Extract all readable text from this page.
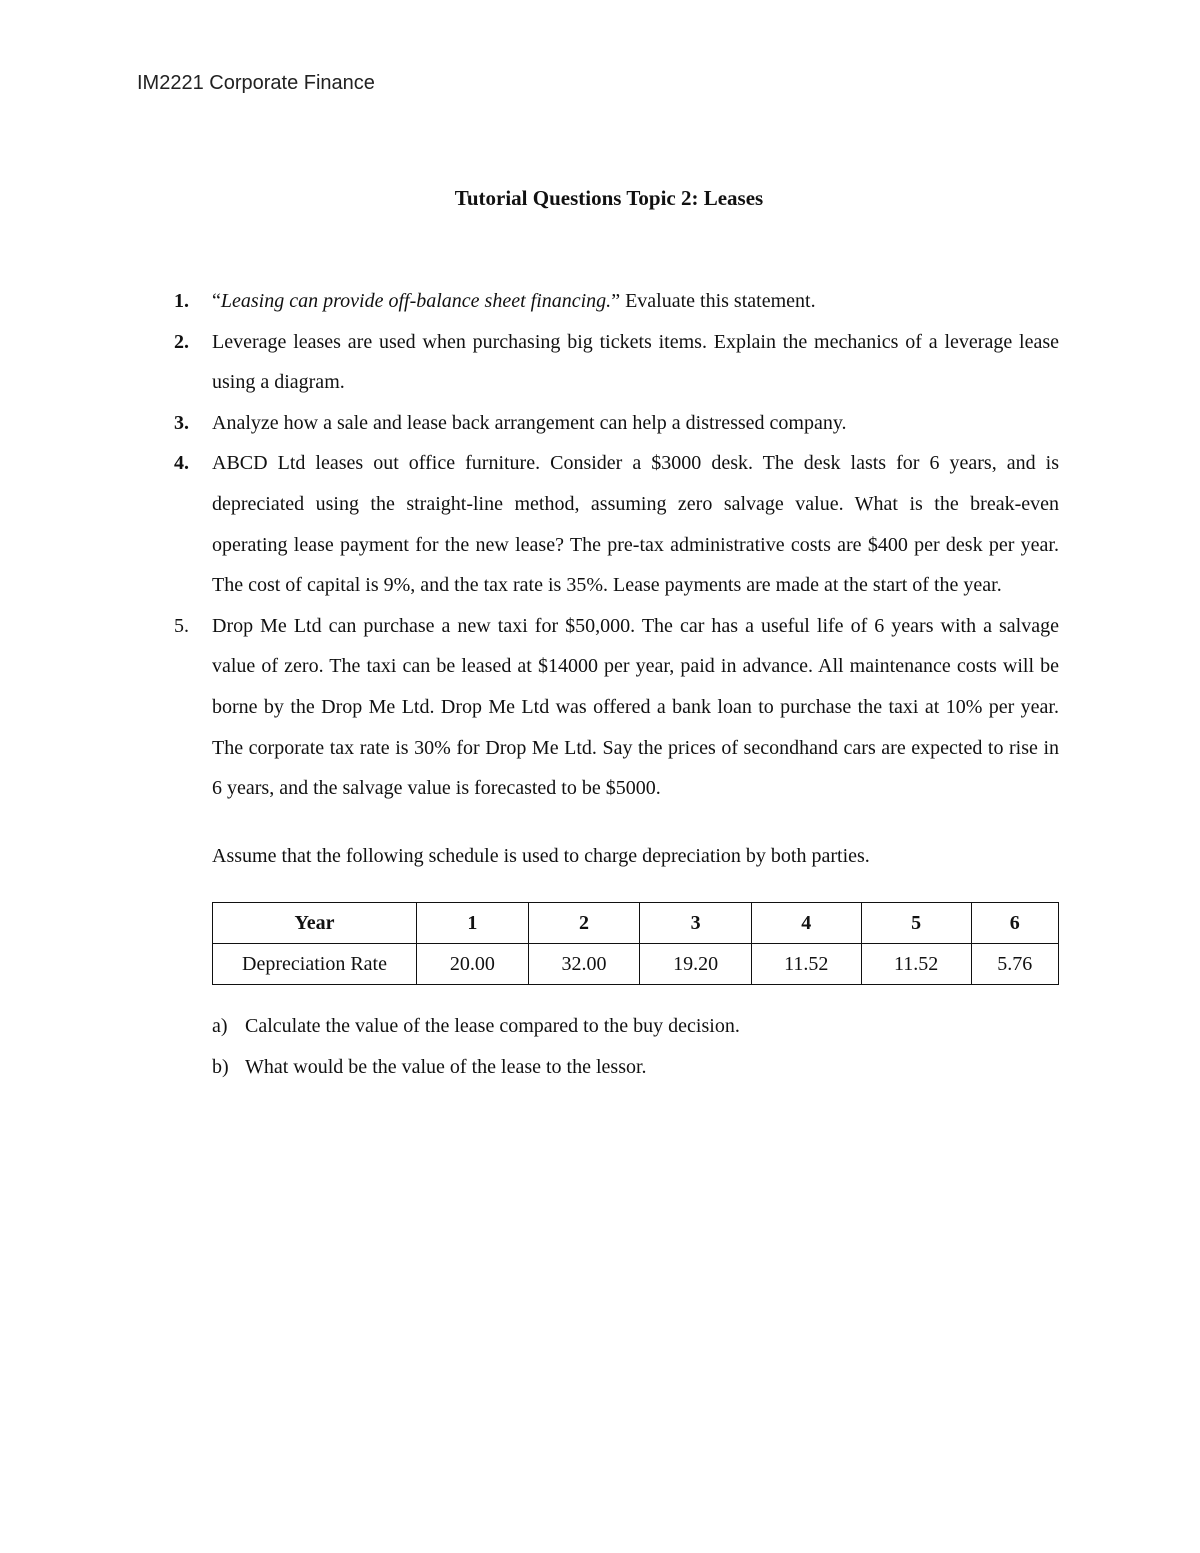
IM2221 Corporate Finance
Tutorial Questions Topic 2: Leases
1. “Leasing can provide off-balance sheet financing.” Evaluate this statement.
2. Leverage leases are used when purchasing big tickets items. Explain the mechanics of a leverage lease using a diagram.
3. Analyze how a sale and lease back arrangement can help a distressed company.
4. ABCD Ltd leases out office furniture. Consider a $3000 desk. The desk lasts for 6 years, and is depreciated using the straight-line method, assuming zero salvage value. What is the break-even operating lease payment for the new lease? The pre-tax administrative costs are $400 per desk per year. The cost of capital is 9%, and the tax rate is 35%. Lease payments are made at the start of the year.
5. Drop Me Ltd can purchase a new taxi for $50,000. The car has a useful life of 6 years with a salvage value of zero. The taxi can be leased at $14000 per year, paid in advance. All maintenance costs will be borne by the Drop Me Ltd. Drop Me Ltd was offered a bank loan to purchase the taxi at 10% per year. The corporate tax rate is 30% for Drop Me Ltd. Say the prices of secondhand cars are expected to rise in 6 years, and the salvage value is forecasted to be $5000.
Assume that the following schedule is used to charge depreciation by both parties.
Year	1	2	3	4	5	6
Depreciation Rate	20.00	32.00	19.20	11.52	11.52	5.76
a) Calculate the value of the lease compared to the buy decision.
b) What would be the value of the lease to the lessor.
